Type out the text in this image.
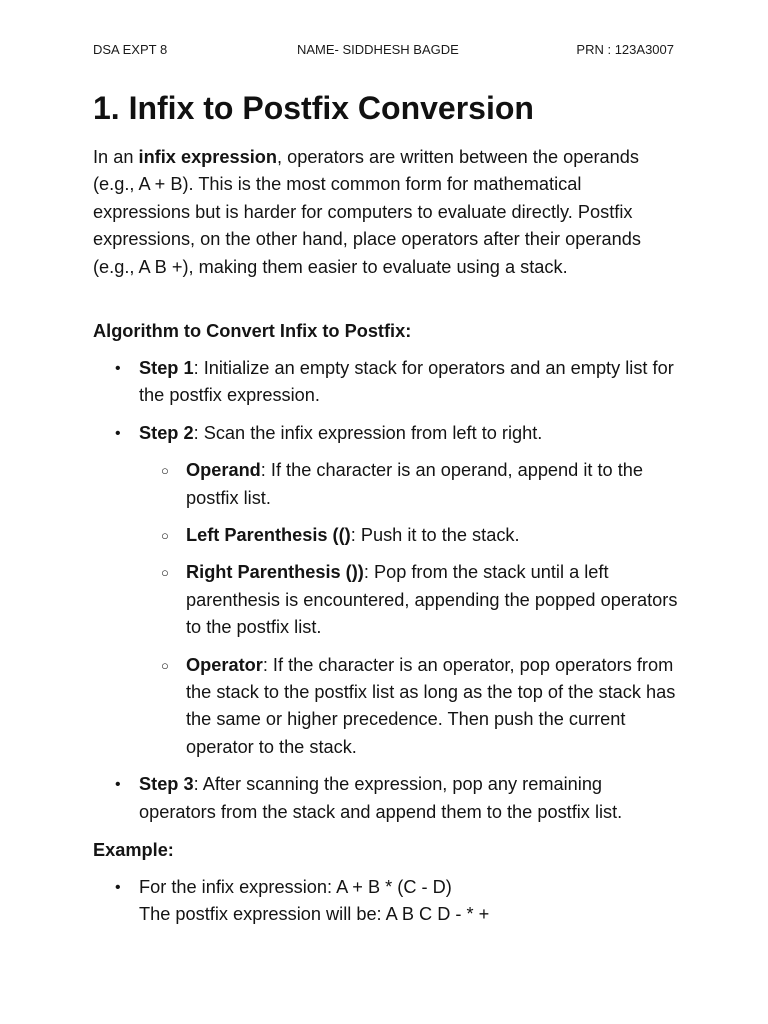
DSA EXPT 8	NAME- SIDDHESH BAGDE	PRN : 123A3007
1. Infix to Postfix Conversion

In an infix expression, operators are written between the operands (e.g., A + B). This is the most common form for mathematical expressions but is harder for computers to evaluate directly. Postfix expressions, on the other hand, place operators after their operands (e.g., A B +), making them easier to evaluate using a stack.

Algorithm to Convert Infix to Postfix:

• Step 1: Initialize an empty stack for operators and an empty list for the postfix expression.
• Step 2: Scan the infix expression from left to right.
○ Operand: If the character is an operand, append it to the postfix list.
○ Left Parenthesis ((): Push it to the stack.
○ Right Parenthesis ()): Pop from the stack until a left parenthesis is encountered, appending the popped operators to the postfix list.
○ Operator: If the character is an operator, pop operators from the stack to the postfix list as long as the top of the stack has the same or higher precedence. Then push the current operator to the stack.
• Step 3: After scanning the expression, pop any remaining operators from the stack and append them to the postfix list.

Example:

• For the infix expression: A + B * (C - D)
The postfix expression will be: A B C D - * +
